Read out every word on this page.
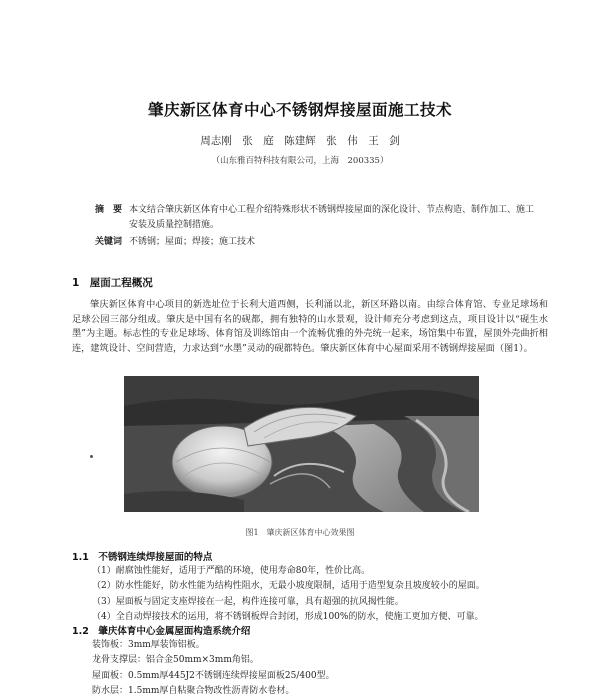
肇庆新区体育中心不锈钢焊接屋面施工技术
周志刚　张　庭　陈建辉　张　伟　王　剑
（山东雅百特科技有限公司，上海　200335）
摘　要 本文结合肇庆新区体育中心工程介绍特殊形状不锈钢焊接屋面的深化设计、节点构造、制作加工、施工安装及质量控制措施。
关键词 不锈钢；屋面；焊接；施工技术
1　屋面工程概况
肇庆新区体育中心项目的新选址位于长利大道西侧，长利涌以北，新区环路以南。由综合体育馆、专业足球场和足球公园三部分组成。肇庆是中国有名的砚都，拥有独特的山水景观，设计师充分考虑到这点，项目设计以“砚生水墨”为主题。标志性的专业足球场、体育馆及训练馆由一个流畅优雅的外壳统一起来，场馆集中布置，屋顶外壳曲折相连，建筑设计、空间营造，力求达到“水墨”灵动的砚都特色。肇庆新区体育中心屋面采用不锈钢焊接屋面（图1）。
图1　肇庆新区体育中心效果图
1.1　不锈钢连续焊接屋面的特点
（1）耐腐蚀性能好，适用于严酷的环境，使用寿命80年，性价比高。
（2）防水性能好，防水性能为结构性阻水，无最小坡度限制，适用于造型复杂且坡度较小的屋面。
（3）屋面板与固定支座焊接在一起，构件连接可靠，具有超强的抗风揭性能。
（4）全自动焊接技术的运用，将不锈钢板焊合封闭，形成100%的防水，使施工更加方便、可靠。
1.2　肇庆体育中心金属屋面构造系统介绍
装饰板：3mm厚装饰铝板。
龙骨支撑层：铝合金50mm×3mm角铝。
屋面板：0.5mm厚445J2不锈钢连续焊接屋面板25/400型。
防水层：1.5mm厚自粘聚合物改性沥青防水卷材。
